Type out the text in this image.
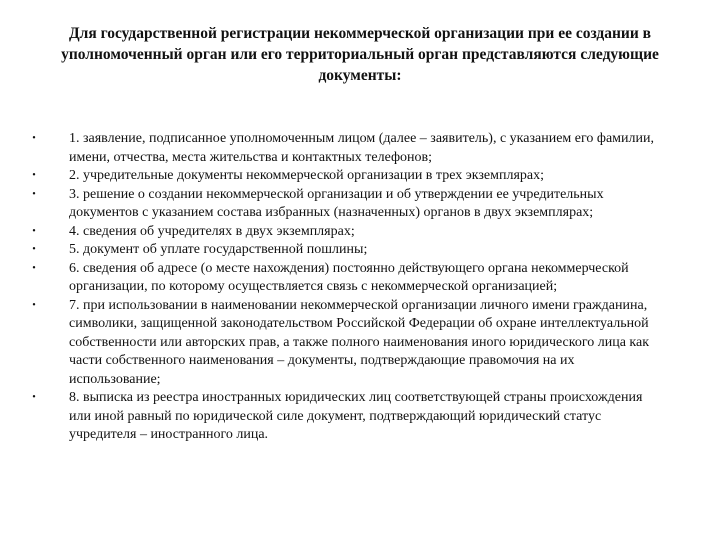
Для государственной регистрации некоммерческой организации при ее создании в уполномоченный орган или его территориальный орган представляются следующие документы:
• 1. заявление, подписанное уполномоченным лицом (далее – заявитель), с указанием его фамилии, имени, отчества, места жительства и контактных телефонов;
• 2. учредительные документы некоммерческой организации в трех экземплярах;
• 3. решение о создании некоммерческой организации и об утверждении ее учредительных документов с указанием состава избранных (назначенных) органов в двух экземплярах;
• 4. сведения об учредителях в двух экземплярах;
• 5. документ об уплате государственной пошлины;
• 6. сведения об адресе (о месте нахождения) постоянно действующего органа некоммерческой организации, по которому осуществляется связь с некоммерческой организацией;
• 7. при использовании в наименовании некоммерческой организации личного имени гражданина, символики, защищенной законодательством Российской Федерации об охране интеллектуальной собственности или авторских прав, а также полного наименования иного юридического лица как части собственного наименования – документы, подтверждающие правомочия на их использование;
• 8. выписка из реестра иностранных юридических лиц соответствующей страны происхождения или иной равный по юридической силе документ, подтверждающий юридический статус учредителя – иностранного лица.
